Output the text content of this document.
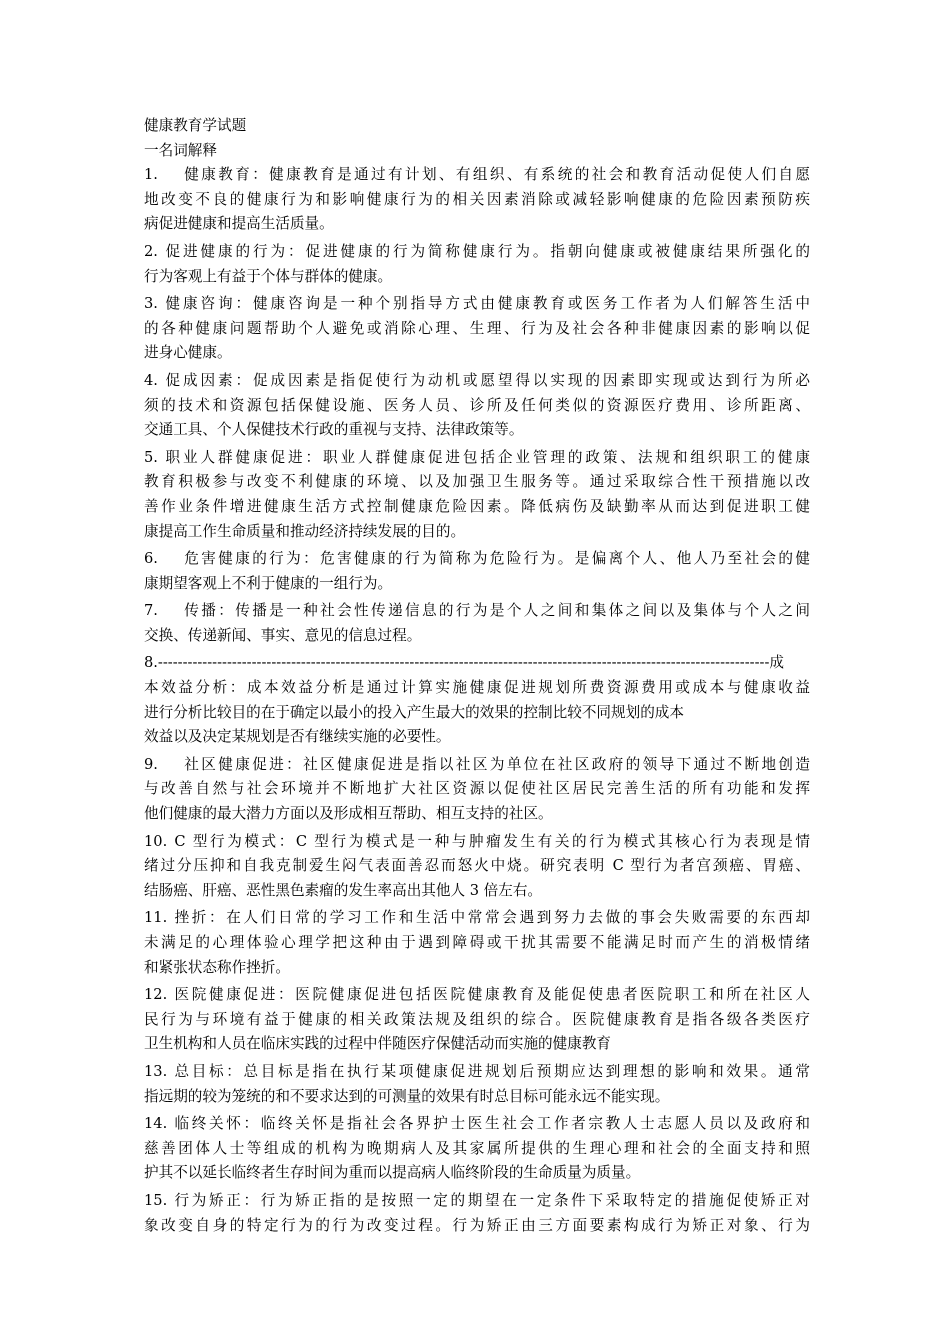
健康教育学试题
一名词解释
1.　 健康教育：健康教育是通过有计划、有组织、有系统的社会和教育活动促使人们自愿
地改变不良的健康行为和影响健康行为的相关因素消除或减轻影响健康的危险因素预防疾
病促进健康和提高生活质量。
2. 促进健康的行为：促进健康的行为简称健康行为。指朝向健康或被健康结果所强化的
行为客观上有益于个体与群体的健康。
3. 健康咨询：健康咨询是一种个别指导方式由健康教育或医务工作者为人们解答生活中
的各种健康问题帮助个人避免或消除心理、生理、行为及社会各种非健康因素的影响以促
进身心健康。
4. 促成因素：促成因素是指促使行为动机或愿望得以实现的因素即实现或达到行为所必
须的技术和资源包括保健设施、医务人员、诊所及任何类似的资源医疗费用、诊所距离、
交通工具、个人保健技术行政的重视与支持、法律政策等。
5. 职业人群健康促进：职业人群健康促进包括企业管理的政策、法规和组织职工的健康
教育积极参与改变不利健康的环境、以及加强卫生服务等。通过采取综合性干预措施以改
善作业条件增进健康生活方式控制健康危险因素。降低病伤及缺勤率从而达到促进职工健
康提高工作生命质量和推动经济持续发展的目的。
6.　 危害健康的行为：危害健康的行为简称为危险行为。是偏离个人、他人乃至社会的健
康期望客观上不利于健康的一组行为。
7.　 传播：传播是一种社会性传递信息的行为是个人之间和集体之间以及集体与个人之间
交换、传递新闻、事实、意见的信息过程。
8.----------------------------------------------------------------------------------------------------------------------------成
本效益分析：成本效益分析是通过计算实施健康促进规划所费资源费用或成本与健康收益
进行分析比较目的在于确定以最小的投入产生最大的效果的控制比较不同规划的成本
效益以及决定某规划是否有继续实施的必要性。
9.　 社区健康促进：社区健康促进是指以社区为单位在社区政府的领导下通过不断地创造
与改善自然与社会环境并不断地扩大社区资源以促使社区居民完善生活的所有功能和发挥
他们健康的最大潜力方面以及形成相互帮助、相互支持的社区。
10. C 型行为模式：C 型行为模式是一种与肿瘤发生有关的行为模式其核心行为表现是情
绪过分压抑和自我克制爱生闷气表面善忍而怒火中烧。研究表明 C 型行为者宫颈癌、胃癌、
结肠癌、肝癌、恶性黑色素瘤的发生率高出其他人 3 倍左右。
11. 挫折：在人们日常的学习工作和生活中常常会遇到努力去做的事会失败需要的东西却
未满足的心理体验心理学把这种由于遇到障碍或干扰其需要不能满足时而产生的消极情绪
和紧张状态称作挫折。
12. 医院健康促进：医院健康促进包括医院健康教育及能促使患者医院职工和所在社区人
民行为与环境有益于健康的相关政策法规及组织的综合。医院健康教育是指各级各类医疗
卫生机构和人员在临床实践的过程中伴随医疗保健活动而实施的健康教育
13. 总目标：总目标是指在执行某项健康促进规划后预期应达到理想的影响和效果。通常
指远期的较为笼统的和不要求达到的可测量的效果有时总目标可能永远不能实现。
14. 临终关怀：临终关怀是指社会各界护士医生社会工作者宗教人士志愿人员以及政府和
慈善团体人士等组成的机构为晚期病人及其家属所提供的生理心理和社会的全面支持和照
护其不以延长临终者生存时间为重而以提高病人临终阶段的生命质量为质量。
15. 行为矫正：行为矫正指的是按照一定的期望在一定条件下采取特定的措施促使矫正对
象改变自身的特定行为的行为改变过程。行为矫正由三方面要素构成行为矫正对象、行为
